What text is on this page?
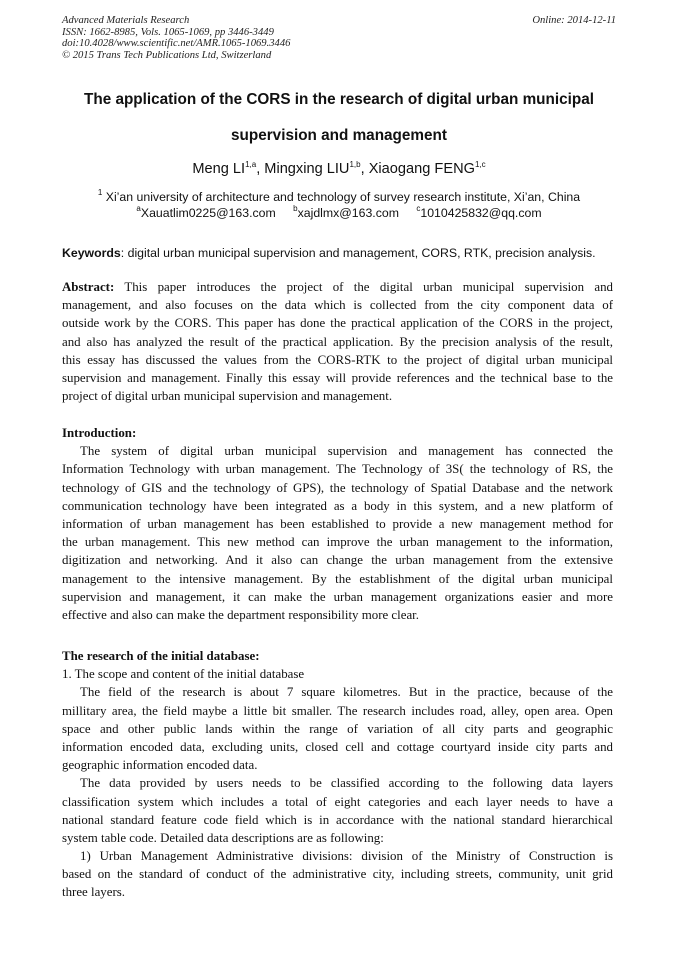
Advanced Materials Research
ISSN: 1662-8985, Vols. 1065-1069, pp 3446-3449
doi:10.4028/www.scientific.net/AMR.1065-1069.3446
© 2015 Trans Tech Publications Ltd, Switzerland
Online: 2014-12-11
The application of the CORS in the research of digital urban municipal
supervision and management
Meng LI$^{1,a}$, Mingxing LIU$^{1,b}$, Xiaogang FENG$^{1,c}$
$^1$ Xi’an university of architecture and technology of survey research institute, Xi’an, China
$^a$Xauatlim0225@163.com $^b$xajdlmx@163.com $^c$1010425832@qq.com
Keywords: digital urban municipal supervision and management, CORS, RTK, precision analysis.
Abstract: This paper introduces the project of the digital urban municipal supervision and
management, and also focuses on the data which is collected from the city component data of
outside work by the CORS. This paper has done the practical application of the CORS in the project,
and also has analyzed the result of the practical application. By the precision analysis of the result,
this essay has discussed the values from the CORS-RTK to the project of digital urban municipal
supervision and management. Finally this essay will provide references and the technical base to the
project of digital urban municipal supervision and management.
Introduction:
The system of digital urban municipal supervision and management has connected the
Information Technology with urban management. The Technology of 3S( the technology of RS, the
technology of GIS and the technology of GPS), the technology of Spatial Database and the network
communication technology have been integrated as a body in this system, and a new platform of
information of urban management has been established to provide a new management method for
the urban management. This new method can improve the urban management to the information,
digitization and networking. And it also can change the urban management from the extensive
management to the intensive management. By the establishment of the digital urban municipal
supervision and management, it can make the urban management organizations easier and more
effective and also can make the department responsibility more clear.
The research of the initial database:
1. The scope and content of the initial database
The field of the research is about 7 square kilometres. But in the practice, because of the
millitary area, the field maybe a little bit smaller. The research includes road, alley, open area. Open
space and other public lands within the range of variation of all city parts and geographic
information encoded data, excluding units, closed cell and cottage courtyard inside city parts and
geographic information encoded data.
The data provided by users needs to be classified according to the following data layers
classification system which includes a total of eight categories and each layer needs to have a
national standard feature code field which is in accordance with the national standard hierarchical
system table code. Detailed data descriptions are as following:
1) Urban Management Administrative divisions: division of the Ministry of Construction is
based on the standard of conduct of the administrative city, including streets, community, unit grid
three layers.
